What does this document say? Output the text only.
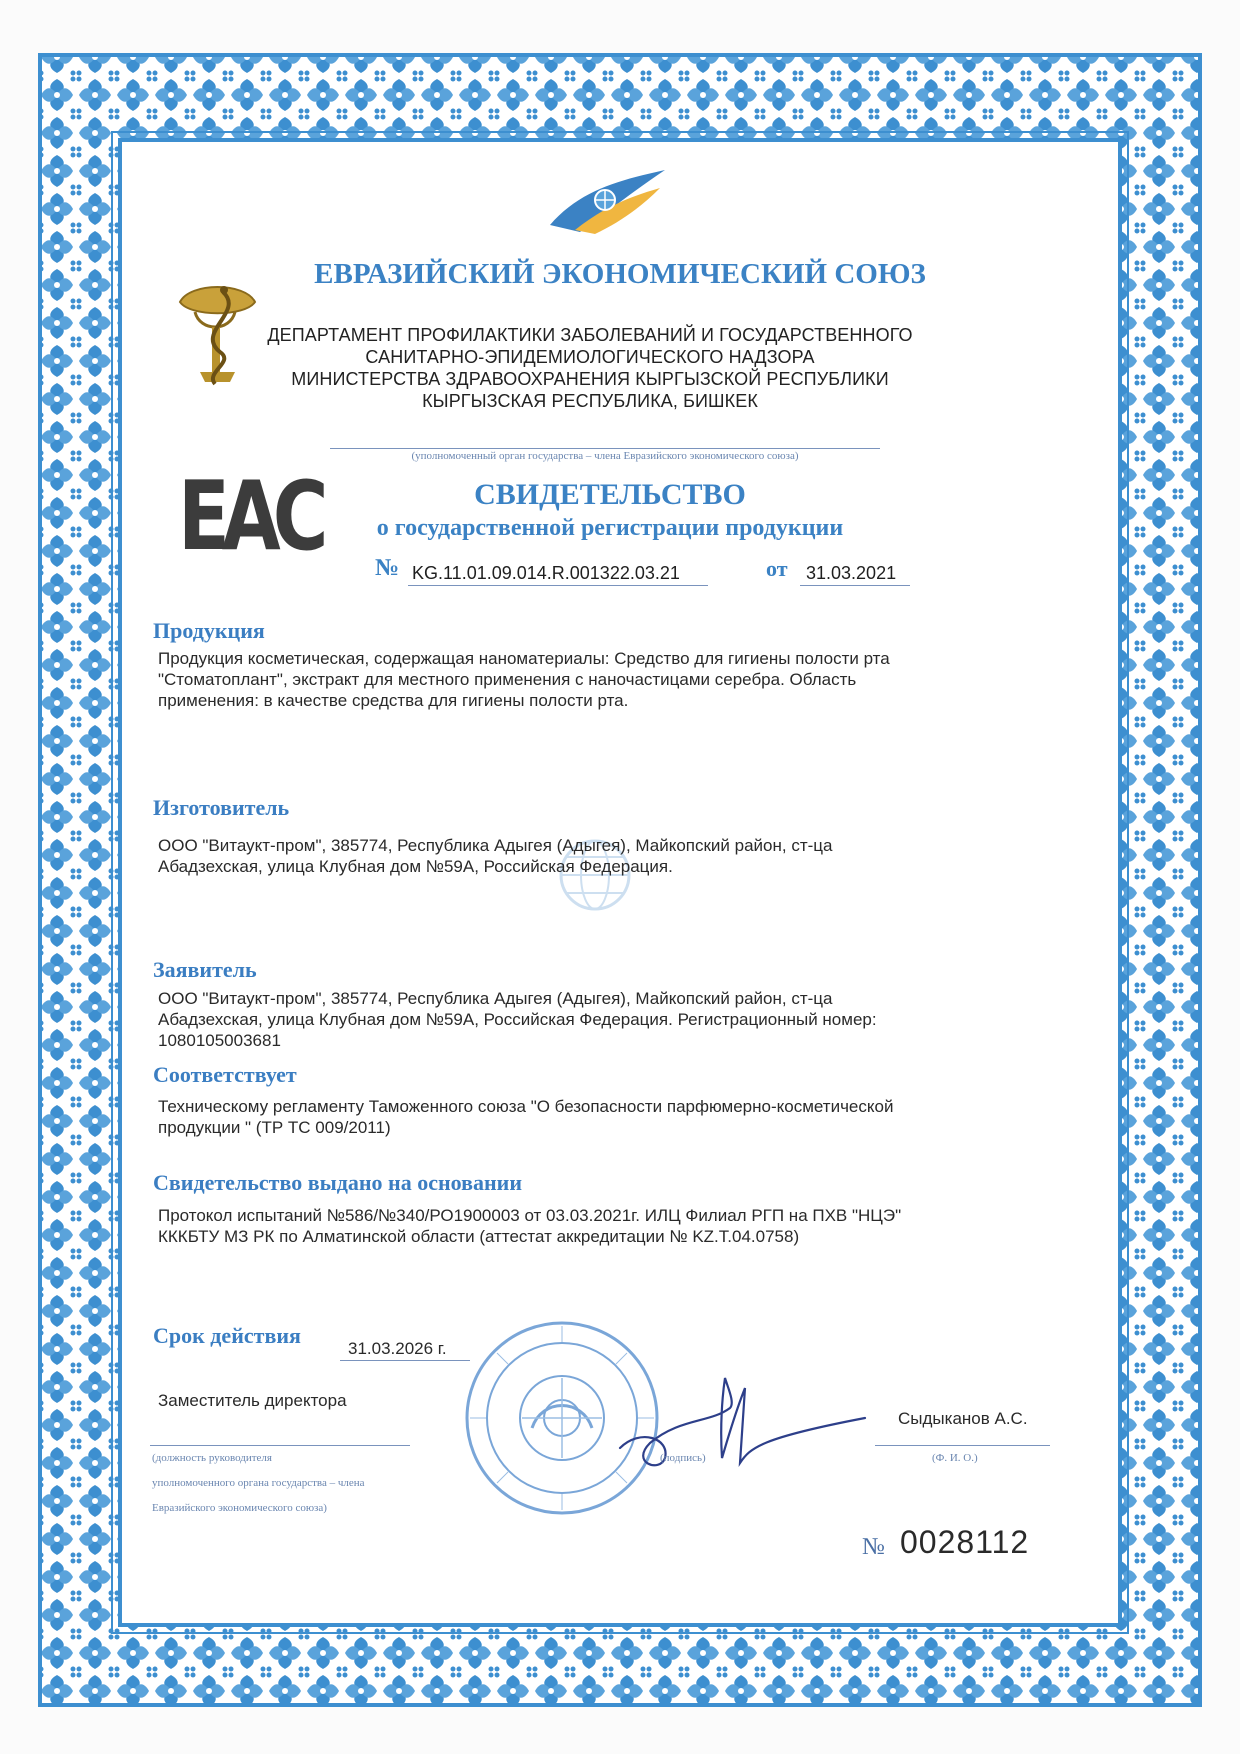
ЕВРАЗИЙСКИЙ ЭКОНОМИЧЕСКИЙ СОЮЗ
ДЕПАРТАМЕНТ ПРОФИЛАКТИКИ ЗАБОЛЕВАНИЙ И ГОСУДАРСТВЕННОГО
САНИТАРНО-ЭПИДЕМИОЛОГИЧЕСКОГО НАДЗОРА
МИНИСТЕРСТВА ЗДРАВООХРАНЕНИЯ КЫРГЫЗСКОЙ РЕСПУБЛИКИ
КЫРГЫЗСКАЯ РЕСПУБЛИКА, БИШКЕК
(уполномоченный орган государства – члена Евразийского экономического союза)
ЕАС	СВИДЕТЕЛЬСТВО
о государственной регистрации продукции
№ KG.11.01.09.014.R.001322.03.21	от 31.03.2021
Продукция
Продукция косметическая, содержащая наноматериалы: Средство для гигиены полости рта
"Стоматоплант", экстракт для местного применения с наночастицами серебра. Область
применения: в качестве средства для гигиены полости рта.
Изготовитель
ООО "Витаукт-пром", 385774, Республика Адыгея (Адыгея), Майкопский район, ст-ца
Абадзехская, улица Клубная дом №59А, Российская Федерация.
Заявитель
ООО "Витаукт-пром", 385774, Республика Адыгея (Адыгея), Майкопский район, ст-ца
Абадзехская, улица Клубная дом №59А, Российская Федерация. Регистрационный номер:
1080105003681
Соответствует
Техническому регламенту Таможенного союза "О безопасности парфюмерно-косметической
продукции " (ТР ТС 009/2011)
Свидетельство выдано на основании
Протокол испытаний №586/№340/РО1900003 от 03.03.2021г. ИЛЦ Филиал РГП на ПХВ "НЦЭ"
КККБТУ МЗ РК по Алматинской области (аттестат аккредитации № KZ.T.04.0758)
Срок действия
31.03.2026 г.
Заместитель директора
(должность руководителя
уполномоченного органа государства – члена
Евразийского экономического союза)
(подпись)
Сыдыканов А.С.
(Ф. И. О.)
№ 0028112
